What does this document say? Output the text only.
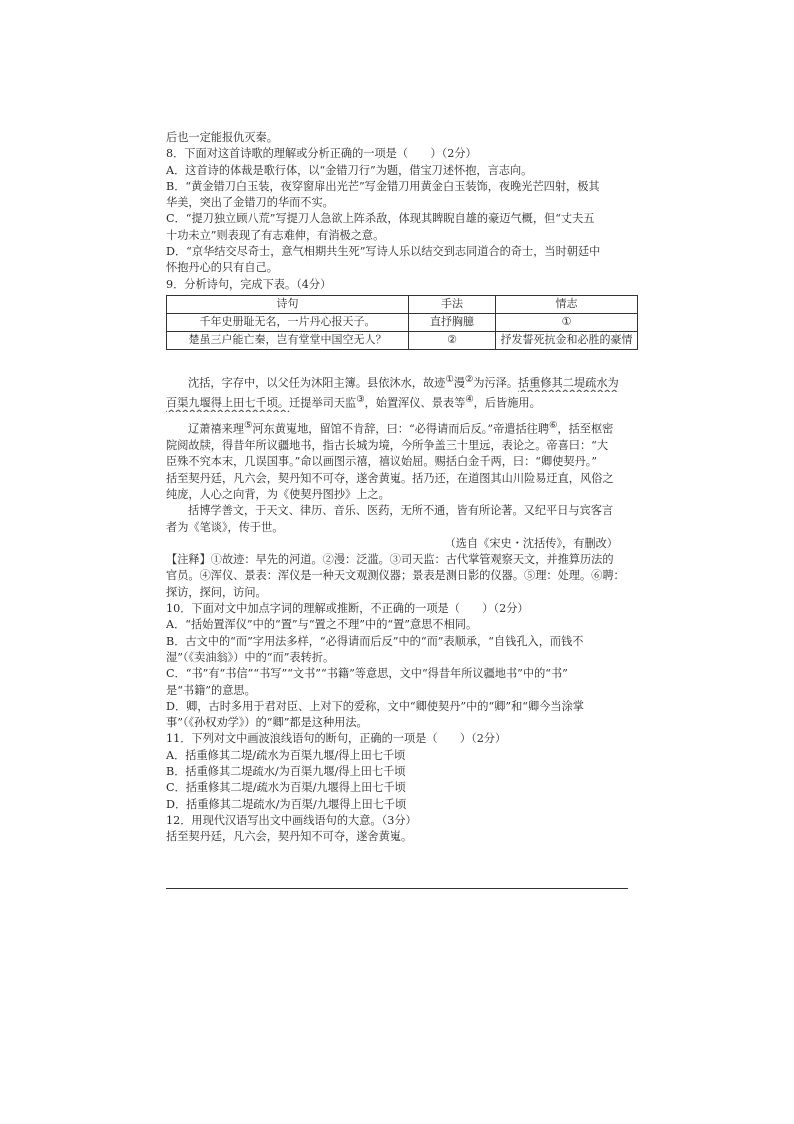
后也一定能报仇灭秦。
8．下面对这首诗歌的理解或分析正确的一项是（　　）（2分）
A．这首诗的体裁是歌行体，以“金错刀行”为题，借宝刀述怀抱，言志向。
B．“黄金错刀白玉装，夜穿窗扉出光芒”写金错刀用黄金白玉装饰，夜晚光芒四射，极其
华美，突出了金错刀的华而不实。
C．“提刀独立顾八荒”写提刀人急欲上阵杀敌，体现其睥睨自雄的豪迈气概，但“丈夫五
十功未立”则表现了有志难伸，有消极之意。
D．“京华结交尽奇士，意气相期共生死”写诗人乐以结交到志同道合的奇士，当时朝廷中
怀抱丹心的只有自己。
9．分析诗句，完成下表。（4分）
诗句	手法	情志
千年史册耻无名，一片丹心报天子。	直抒胸臆	①
楚虽三户能亡秦，岂有堂堂中国空无人？	②	抒发誓死抗金和必胜的豪情
沈括，字存中，以父任为沐阳主簿。县依沐水，故迹①漫②为污泽。括重修其二堤疏水为
百渠九堰得上田七千顷。迁提举司天监③，始置浑仪、景表等④，后皆施用。
辽萧禧来理⑤河东黄嵬地，留馆不肯辞，曰：“必得请而后反。”帝遣括往聘⑥，括至枢密
院阅故牍，得昔年所议疆地书，指古长城为境，今所争盖三十里远，表论之。帝喜曰：“大
臣殊不究本末，几误国事。”命以画图示禧，禧议始屈。赐括白金千两，曰：“卿使契丹。”
括至契丹廷，凡六会，契丹知不可夺，遂舍黄嵬。括乃还，在道图其山川险易迂直，风俗之
纯庞，人心之向背，为《使契丹图抄》上之。
括博学善文，于天文、律历、音乐、医药，无所不通，皆有所论著。又纪平日与宾客言
者为《笔谈》，传于世。
（选自《宋史・沈括传》，有删改）
【注释】①故迹：早先的河道。②漫：泛滥。③司天监：古代掌管观察天文，并推算历法的
官员。④浑仪、景表：浑仪是一种天文观测仪器；景表是测日影的仪器。⑤理：处理。⑥聘：
探访，探问，访问。
10．下面对文中加点字词的理解或推断，不正确的一项是（　　）（2分）
A．“括始置浑仪”中的“置”与“置之不理”中的“置”意思不相同。
B．古文中的“而”字用法多样，“必得请而后反”中的“而”表顺承，“自钱孔入，而钱不
湿”（《卖油翁》）中的“而”表转折。
C．“书”有“书信”“书写”“文书”“书籍”等意思，文中“得昔年所议疆地书”中的“书”
是“书籍”的意思。
D．卿，古时多用于君对臣、上对下的爱称，文中“卿使契丹”中的“卿”和“卿今当涂掌
事”（《孙权劝学》）的“卿”都是这种用法。
11．下列对文中画波浪线语句的断句，正确的一项是（　　）（2分）
A．括重修其二堤/疏水为百渠九堰/得上田七千顷
B．括重修其二堤疏水/为百渠九堰/得上田七千顷
C．括重修其二堤/疏水为百渠/九堰得上田七千顷
D．括重修其二堤疏水/为百渠/九堰得上田七千顷
12．用现代汉语写出文中画线语句的大意。（3分）
括至契丹廷，凡六会，契丹知不可夺，遂舍黄嵬。
